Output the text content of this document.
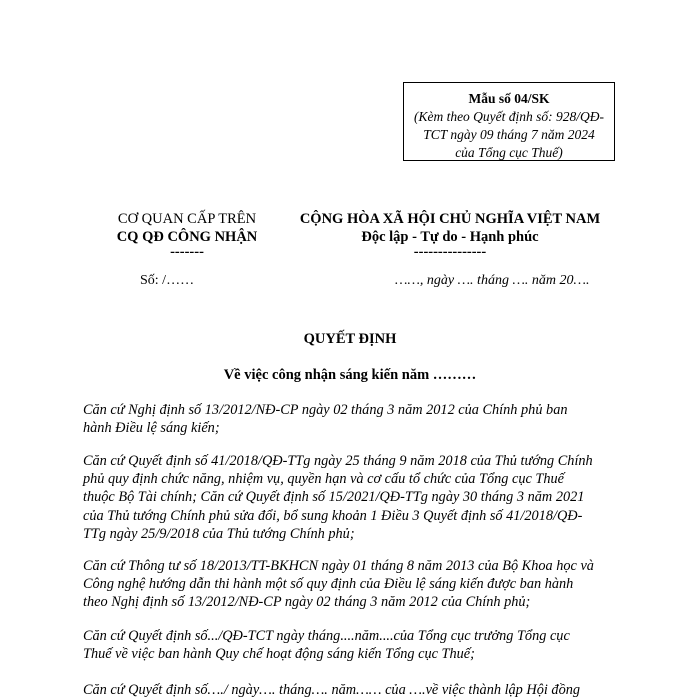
Mẫu số 04/SK
(Kèm theo Quyết định số: 928/QĐ-
TCT ngày 09 tháng 7 năm 2024
của Tổng cục Thuế)
CƠ QUAN CẤP TRÊN
CQ QĐ CÔNG NHẬN
-------
CỘNG HÒA XÃ HỘI CHỦ NGHĨA VIỆT NAM
Độc lập - Tự do - Hạnh phúc
---------------
Số: /……	……, ngày …. tháng …. năm 20….
QUYẾT ĐỊNH
Về việc công nhận sáng kiến năm ………

Căn cứ Nghị định số 13/2012/NĐ-CP ngày 02 tháng 3 năm 2012 của Chính phủ ban
hành Điều lệ sáng kiến;

Căn cứ Quyết định số 41/2018/QĐ-TTg ngày 25 tháng 9 năm 2018 của Thủ tướng Chính
phủ quy định chức năng, nhiệm vụ, quyền hạn và cơ cấu tổ chức của Tổng cục Thuế
thuộc Bộ Tài chính; Căn cứ Quyết định số 15/2021/QĐ-TTg ngày 30 tháng 3 năm 2021
của Thủ tướng Chính phủ sửa đổi, bổ sung khoản 1 Điều 3 Quyết định số 41/2018/QĐ-
TTg ngày 25/9/2018 của Thủ tướng Chính phủ;

Căn cứ Thông tư số 18/2013/TT-BKHCN ngày 01 tháng 8 năm 2013 của Bộ Khoa học và
Công nghệ hướng dẫn thi hành một số quy định của Điều lệ sáng kiến được ban hành
theo Nghị định số 13/2012/NĐ-CP ngày 02 tháng 3 năm 2012 của Chính phủ;

Căn cứ Quyết định số.../QĐ-TCT ngày tháng....năm....của Tổng cục trưởng Tổng cục
Thuế về việc ban hành Quy chế hoạt động sáng kiến Tổng cục Thuế;

Căn cứ Quyết định số…./ ngày…. tháng…. năm…… của ….về việc thành lập Hội đồng
